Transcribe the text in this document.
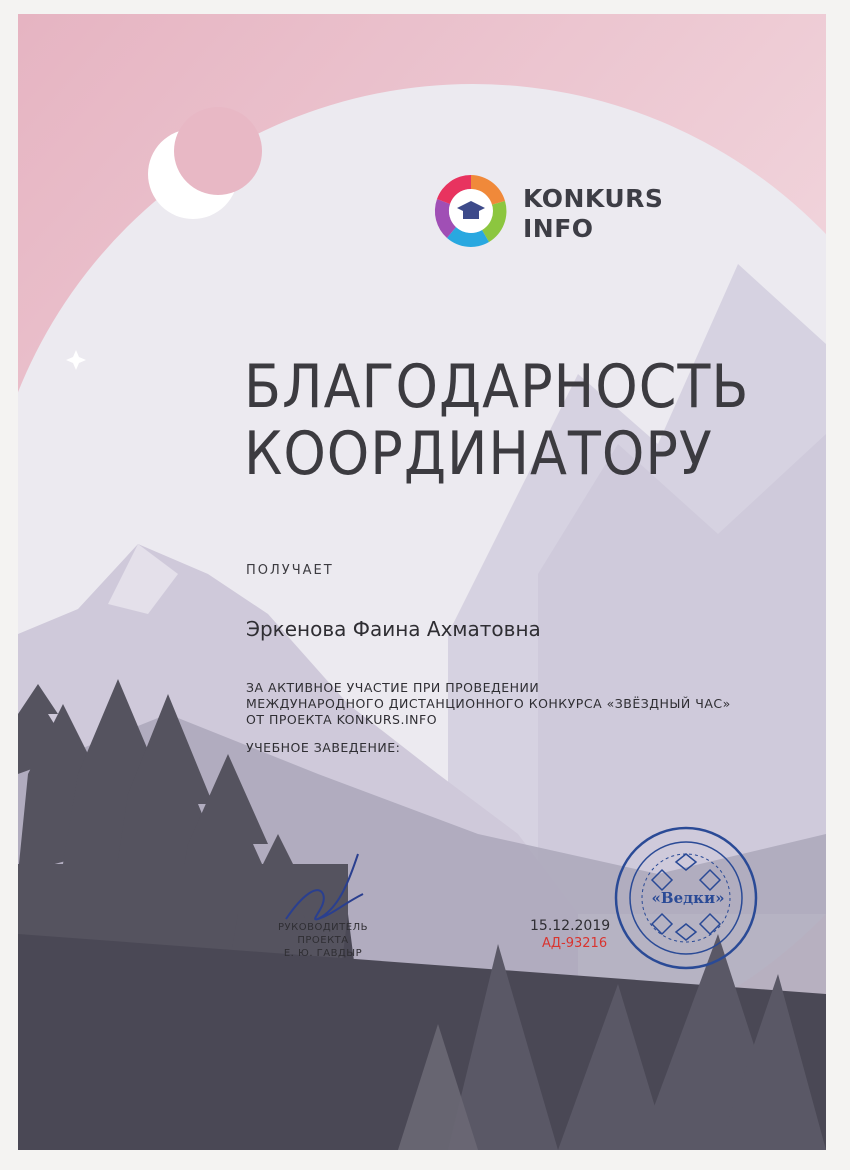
KONKURS
INFO
БЛАГОДАРНОСТЬ
КООРДИНАТОРУ
ПОЛУЧАЕТ
Эркенова Фаина Ахматовна
ЗА АКТИВНОЕ УЧАСТИЕ ПРИ ПРОВЕДЕНИИ
МЕЖДУНАРОДНОГО ДИСТАНЦИОННОГО КОНКУРСА «ЗВЁЗДНЫЙ ЧАС»
ОТ ПРОЕКТА KONKURS.INFO
УЧЕБНОЕ ЗАВЕДЕНИЕ:
РУКОВОДИТЕЛЬ ПРОЕКТА
Е. Ю. ГАВДЫР
15.12.2019
АД-93216
«Ведки»
